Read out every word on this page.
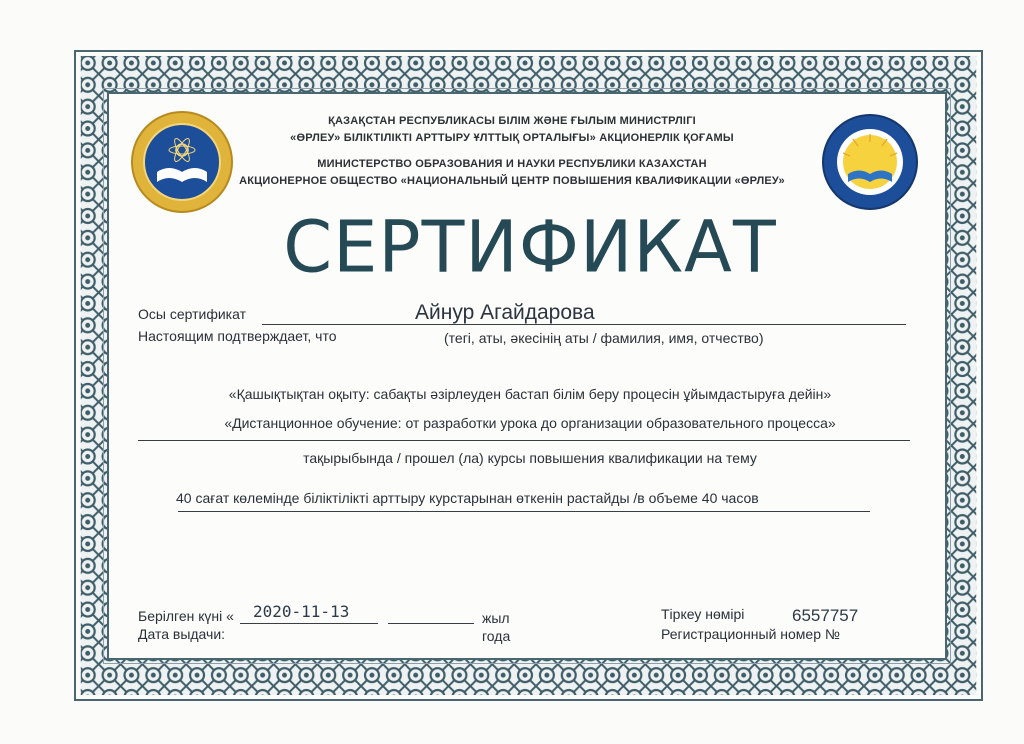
ҚАЗАҚСТАН РЕСПУБЛИКАСЫ БІЛІМ ЖӘНЕ ҒЫЛЫМ МИНИСТРЛІГІ
«ӨРЛЕУ» БІЛІКТІЛІКТІ АРТТЫРУ ҰЛТТЫҚ ОРТАЛЫҒЫ» АКЦИОНЕРЛІК ҚОҒАМЫ
МИНИСТЕРСТВО ОБРАЗОВАНИЯ И НАУКИ РЕСПУБЛИКИ КАЗАХСТАН
АКЦИОНЕРНОЕ ОБЩЕСТВО «НАЦИОНАЛЬНЫЙ ЦЕНТР ПОВЫШЕНИЯ КВАЛИФИКАЦИИ «ӨРЛЕУ»
СЕРТИФИКАТ
Осы сертификат	Айнур Агайдарова
Настоящим подтверждает, что	(тегі, аты, әкесінің аты / фамилия, имя, отчество)
«Қашықтықтан оқыту: сабақты әзірлеуден бастап білім беру процесін ұйымдастыруға дейін»
«Дистанционное обучение: от разработки урока до организации образовательного процесса»
тақырыбында / прошел (ла) курсы повышения квалификации на тему
40 сағат көлемінде біліктілікті арттыру курстарынан өткенін растайды /в объеме 40 часов
Берілген күні « 2020-11-13	жыл
Дата выдачи:	года
Тіркеу нөмірі	6557757
Регистрационный номер №
